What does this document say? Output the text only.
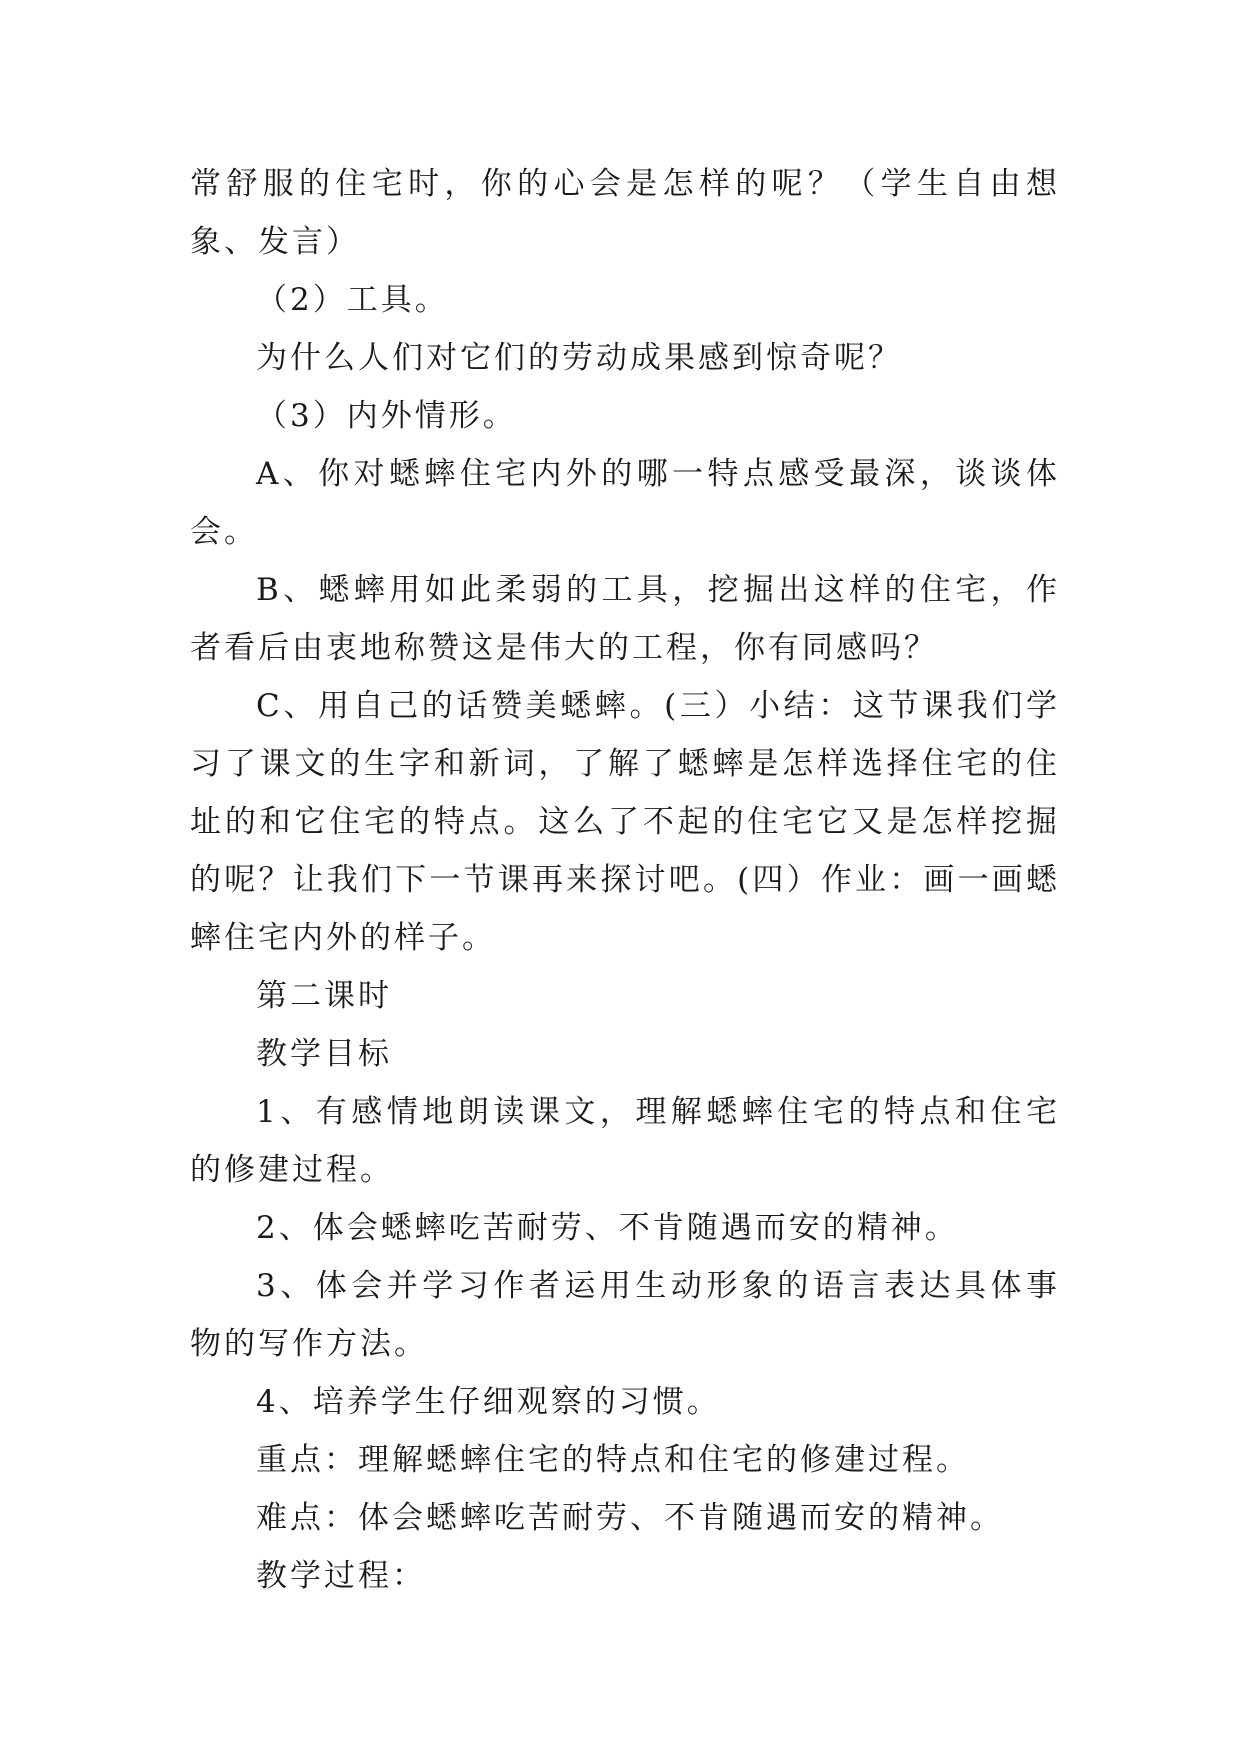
常舒服的住宅时，你的心会是怎样的呢？（学生自由想象、发言）

（2）工具。

为什么人们对它们的劳动成果感到惊奇呢？

（3）内外情形。

A、你对蟋蟀住宅内外的哪一特点感受最深，谈谈体会。

B、蟋蟀用如此柔弱的工具，挖掘出这样的住宅，作者看后由衷地称赞这是伟大的工程，你有同感吗？

C、用自己的话赞美蟋蟀。(三）小结：这节课我们学习了课文的生字和新词，了解了蟋蟀是怎样选择住宅的住址的和它住宅的特点。这么了不起的住宅它又是怎样挖掘的呢？让我们下一节课再来探讨吧。(四）作业：画一画蟋蟀住宅内外的样子。

第二课时

教学目标

1、有感情地朗读课文，理解蟋蟀住宅的特点和住宅的修建过程。

2、体会蟋蟀吃苦耐劳、不肯随遇而安的精神。

3、体会并学习作者运用生动形象的语言表达具体事物的写作方法。

4、培养学生仔细观察的习惯。

重点：理解蟋蟀住宅的特点和住宅的修建过程。

难点：体会蟋蟀吃苦耐劳、不肯随遇而安的精神。

教学过程：
